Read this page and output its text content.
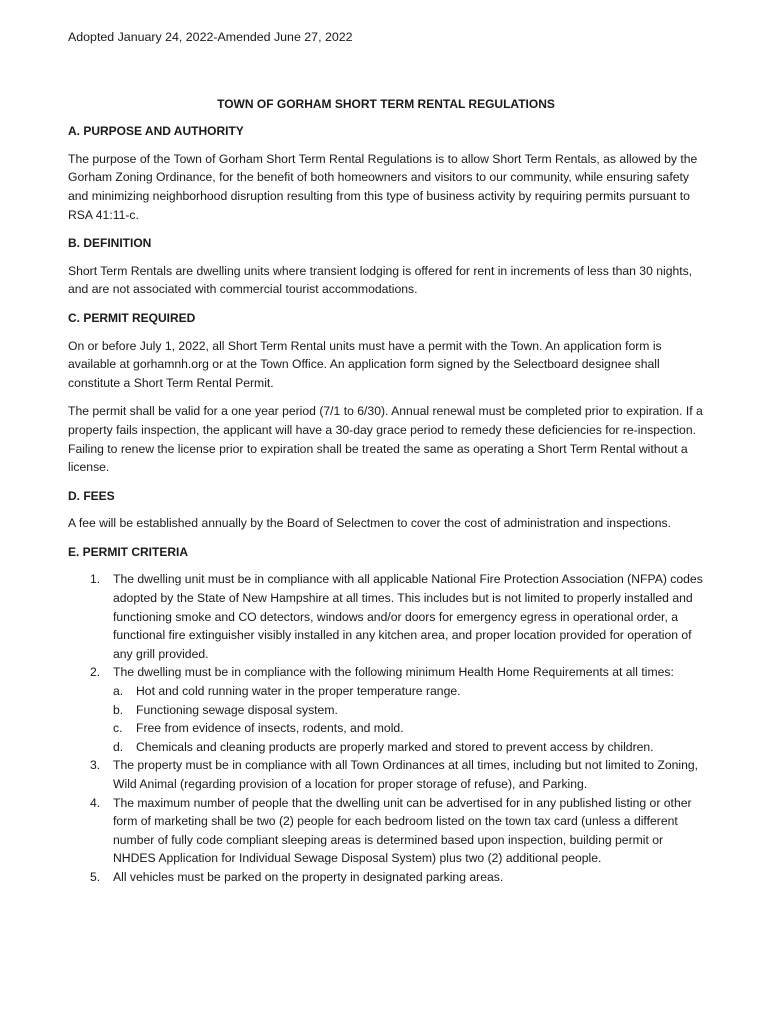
Adopted January 24, 2022-Amended June 27, 2022
TOWN OF GORHAM SHORT TERM RENTAL REGULATIONS
A. PURPOSE AND AUTHORITY

The purpose of the Town of Gorham Short Term Rental Regulations is to allow Short Term Rentals, as allowed by the Gorham Zoning Ordinance, for the benefit of both homeowners and visitors to our community, while ensuring safety and minimizing neighborhood disruption resulting from this type of business activity by requiring permits pursuant to RSA 41:11-c.

B. DEFINITION

Short Term Rentals are dwelling units where transient lodging is offered for rent in increments of less than 30 nights, and are not associated with commercial tourist accommodations.

C. PERMIT REQUIRED

On or before July 1, 2022, all Short Term Rental units must have a permit with the Town. An application form is available at gorhamnh.org or at the Town Office. An application form signed by the Selectboard designee shall constitute a Short Term Rental Permit.

The permit shall be valid for a one year period (7/1 to 6/30). Annual renewal must be completed prior to expiration. If a property fails inspection, the applicant will have a 30-day grace period to remedy these deficiencies for re-inspection. Failing to renew the license prior to expiration shall be treated the same as operating a Short Term Rental without a license.

D. FEES

A fee will be established annually by the Board of Selectmen to cover the cost of administration and inspections.

E. PERMIT CRITERIA
1. The dwelling unit must be in compliance with all applicable National Fire Protection Association (NFPA) codes adopted by the State of New Hampshire at all times. This includes but is not limited to properly installed and functioning smoke and CO detectors, windows and/or doors for emergency egress in operational order, a functional fire extinguisher visibly installed in any kitchen area, and proper location provided for operation of any grill provided.
2. The dwelling must be in compliance with the following minimum Health Home Requirements at all times:
a. Hot and cold running water in the proper temperature range.
b. Functioning sewage disposal system.
c. Free from evidence of insects, rodents, and mold.
d. Chemicals and cleaning products are properly marked and stored to prevent access by children.
3. The property must be in compliance with all Town Ordinances at all times, including but not limited to Zoning, Wild Animal (regarding provision of a location for proper storage of refuse), and Parking.
4. The maximum number of people that the dwelling unit can be advertised for in any published listing or other form of marketing shall be two (2) people for each bedroom listed on the town tax card (unless a different number of fully code compliant sleeping areas is determined based upon inspection, building permit or NHDES Application for Individual Sewage Disposal System) plus two (2) additional people.
5. All vehicles must be parked on the property in designated parking areas.
